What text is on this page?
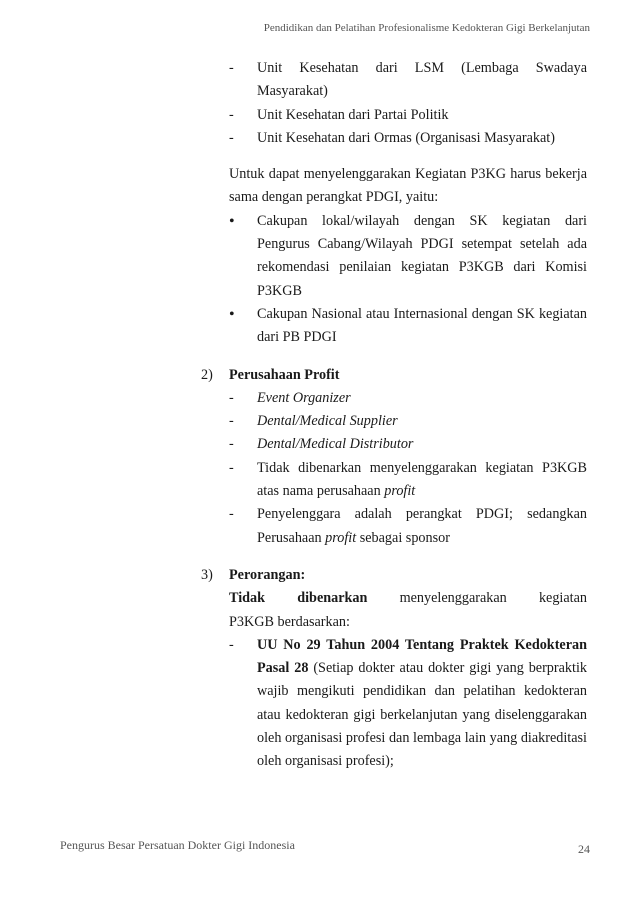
Pendidikan dan Pelatihan Profesionalisme Kedokteran Gigi Berkelanjutan
- Unit Kesehatan dari LSM (Lembaga Swadaya Masyarakat)
- Unit Kesehatan dari Partai Politik
- Unit Kesehatan dari Ormas (Organisasi Masyarakat)
Untuk dapat menyelenggarakan Kegiatan P3KG harus bekerja sama dengan perangkat PDGI, yaitu:
• Cakupan lokal/wilayah dengan SK kegiatan dari Pengurus Cabang/Wilayah PDGI setempat setelah ada rekomendasi penilaian kegiatan P3KGB dari Komisi P3KGB
• Cakupan Nasional atau Internasional dengan SK kegiatan dari PB PDGI
2) Perusahaan Profit
- Event Organizer
- Dental/Medical Supplier
- Dental/Medical Distributor
- Tidak dibenarkan menyelenggarakan kegiatan P3KGB atas nama perusahaan profit
- Penyelenggara adalah perangkat PDGI; sedangkan Perusahaan profit sebagai sponsor
3) Perorangan:
Tidak dibenarkan menyelenggarakan kegiatan
P3KGB berdasarkan:
- UU No 29 Tahun 2004 Tentang Praktek Kedokteran Pasal 28 (Setiap dokter atau dokter gigi yang berpraktik wajib mengikuti pendidikan dan pelatihan kedokteran atau kedokteran gigi berkelanjutan yang diselenggarakan oleh organisasi profesi dan lembaga lain yang diakreditasi oleh organisasi profesi);
Pengurus Besar Persatuan Dokter Gigi Indonesia	24
